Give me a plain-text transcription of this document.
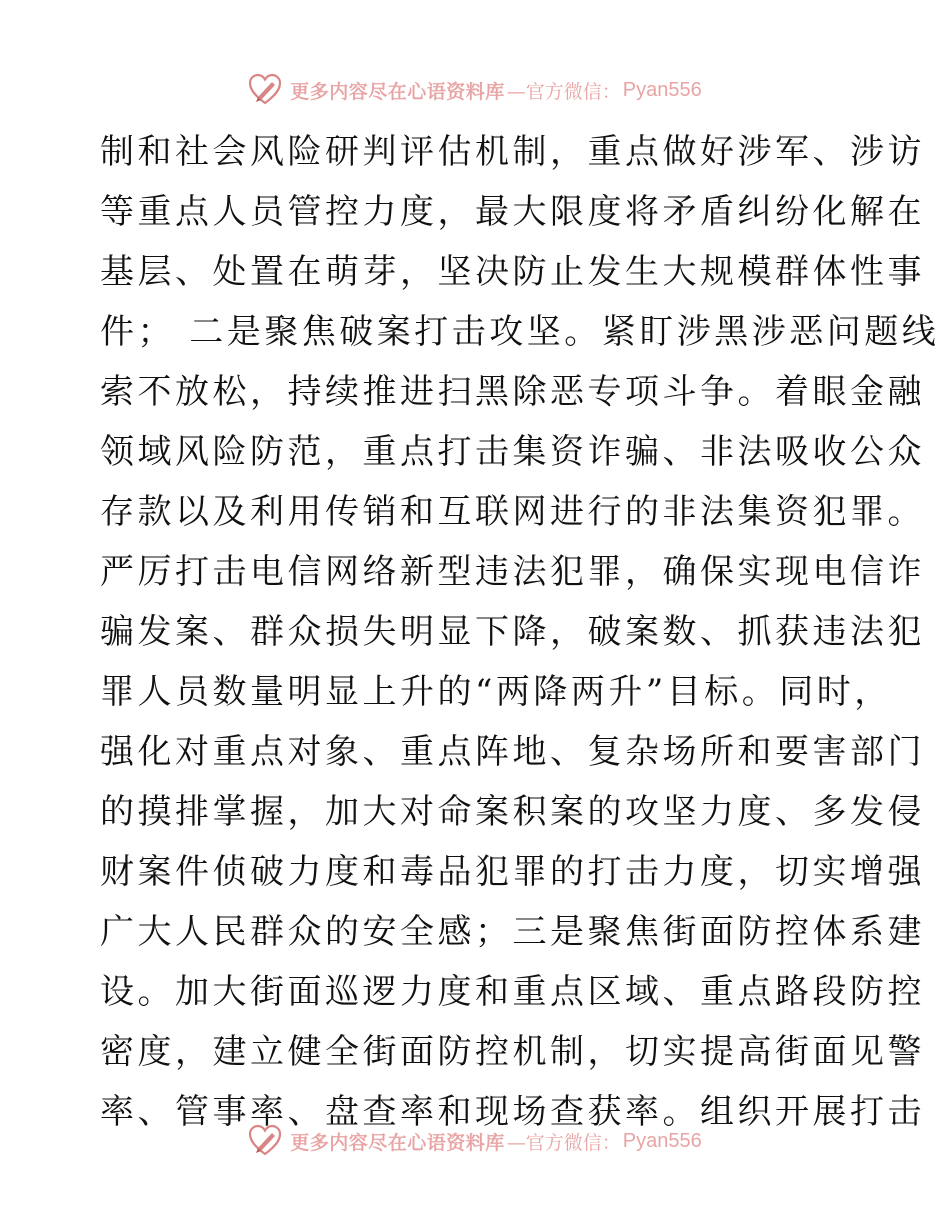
更多内容尽在心语资料库 —官方微信： Pyan556
制和社会风险研判评估机制，重点做好涉军、涉访
等重点人员管控力度，最大限度将矛盾纠纷化解在
基层、处置在萌芽，坚决防止发生大规模群体性事
件； 二是聚焦破案打击攻坚。紧盯涉黑涉恶问题线
索不放松，持续推进扫黑除恶专项斗争。着眼金融
领域风险防范，重点打击集资诈骗、非法吸收公众
存款以及利用传销和互联网进行的非法集资犯罪。
严厉打击电信网络新型违法犯罪，确保实现电信诈
骗发案、群众损失明显下降，破案数、抓获违法犯
罪人员数量明显上升的“两降两升”目标。同时，
强化对重点对象、重点阵地、复杂场所和要害部门
的摸排掌握，加大对命案积案的攻坚力度、多发侵
财案件侦破力度和毒品犯罪的打击力度，切实增强
广大人民群众的安全感；三是聚焦街面防控体系建
设。加大街面巡逻力度和重点区域、重点路段防控
密度，建立健全街面防控机制，切实提高街面见警
率、管事率、盘查率和现场查获率。组织开展打击
更多内容尽在心语资料库 —官方微信： Pyan556
